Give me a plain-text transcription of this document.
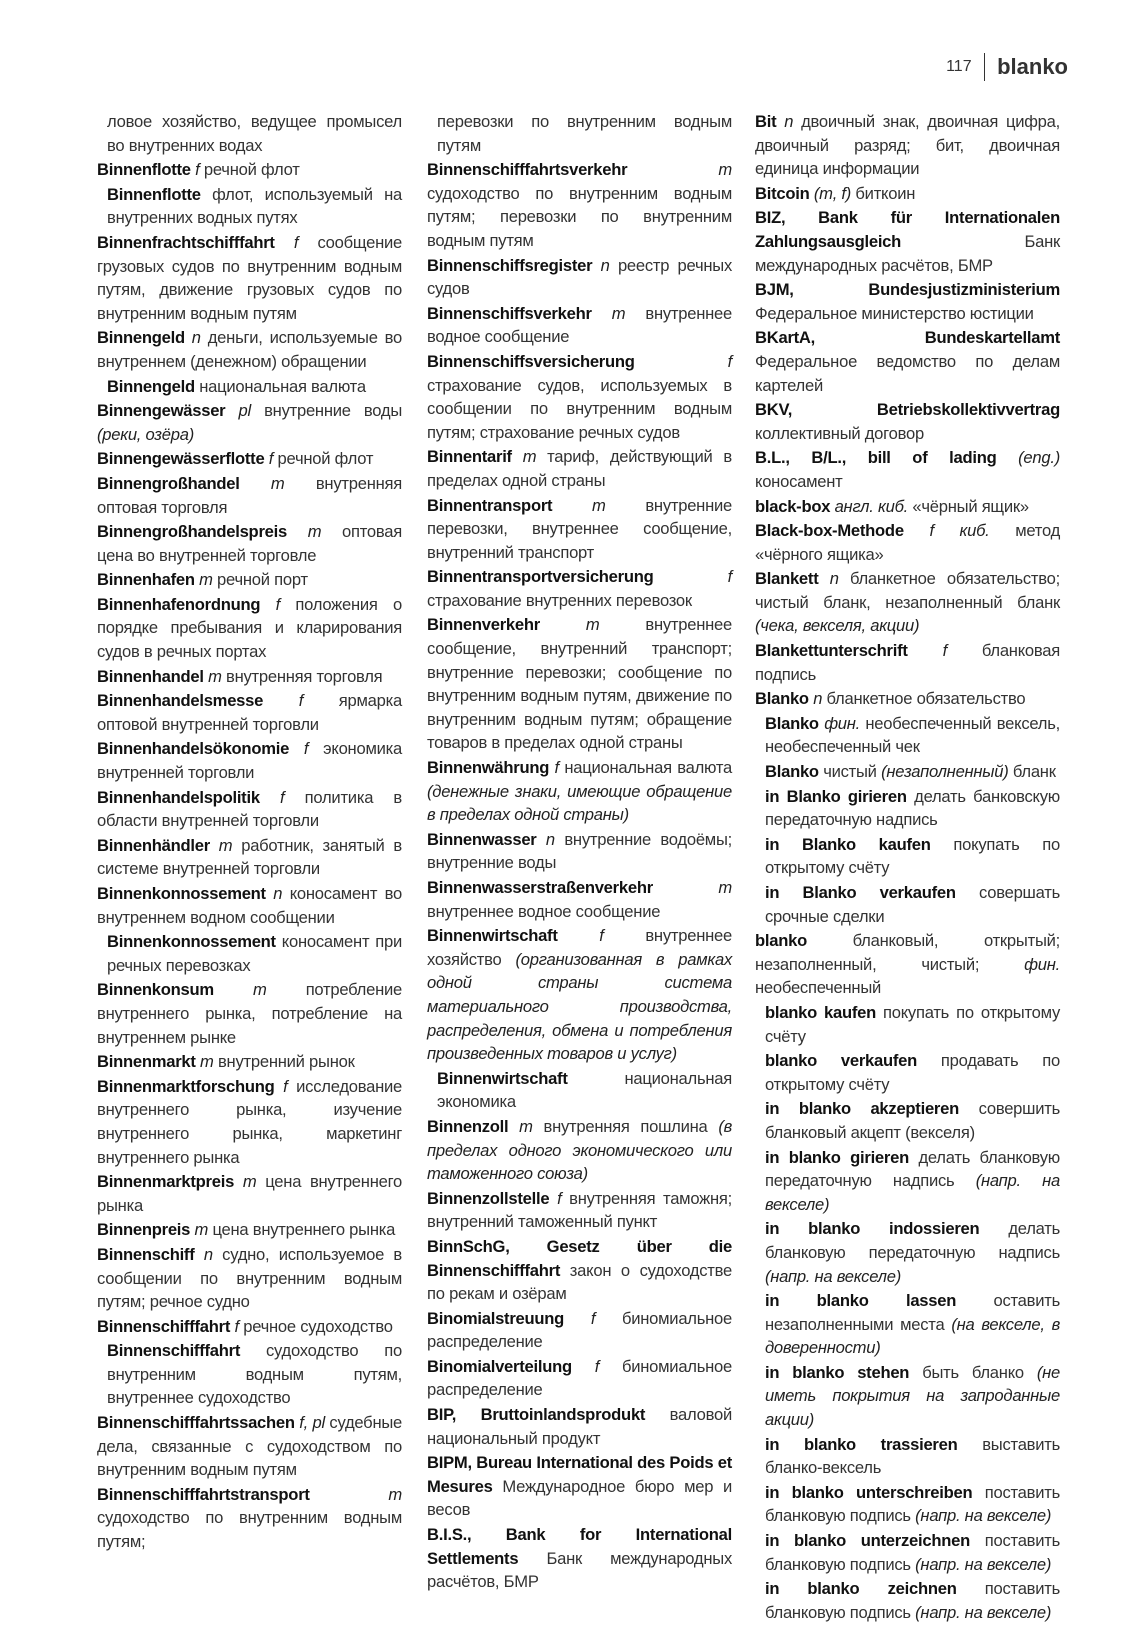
117	blanko

ловое хозяйство, ведущее промысел во внутренних водах

Binnenflotte f речной флот

Binnenflotte флот, используемый на внутренних водных путях

Binnenfrachtschifffahrt f сообщение грузовых судов по внутренним водным путям, движение грузовых судов по внутренним водным путям

Binnengeld n деньги, используемые во внутреннем (денежном) обращении

Binnengeld национальная валюта

Binnengewässer pl внутренние воды (реки, озёра)

Binnengewässerflotte f речной флот

Binnengroßhandel m внутренняя оптовая торговля

Binnengroßhandelspreis m оптовая цена во внутренней торговле

Binnenhafen m речной порт

Binnenhafenordnung f положения о порядке пребывания и кларирования судов в речных портах

Binnenhandel m внутренняя торговля

Binnenhandelsmesse f ярмарка оптовой внутренней торговли

Binnenhandelsökonomie f экономика внутренней торговли

Binnenhandelspolitik f политика в области внутренней торговли

Binnenhändler m работник, занятый в системе внутренней торговли

Binnenkonnossement n коносамент во внутреннем водном сообщении

Binnenkonnossement коносамент при речных перевозках

Binnenkonsum m потребление внутреннего рынка, потребление на внутреннем рынке

Binnenmarkt m внутренний рынок

Binnenmarktforschung f исследование внутреннего рынка, изучение внутреннего рынка, маркетинг внутреннего рынка

Binnenmarktpreis m цена внутреннего рынка

Binnenpreis m цена внутреннего рынка

Binnenschiff n судно, используемое в сообщении по внутренним водным путям; речное судно

Binnenschifffahrt f речное судоходство

Binnenschifffahrt судоходство по внутренним водным путям, внутреннее судоходство

Binnenschifffahrtssachen f, pl судебные дела, связанные с судоходством по внутренним водным путям

Binnenschifffahrtstransport m судоходство по внутренним водным путям;

перевозки по внутренним водным путям

Binnenschifffahrtsverkehr m судоходство по внутренним водным путям; перевозки по внутренним водным путям

Binnenschiffsregister n реестр речных судов

Binnenschiffsverkehr m внутреннее водное сообщение

Binnenschiffsversicherung f страхование судов, используемых в сообщении по внутренним водным путям; страхование речных судов

Binnentarif m тариф, действующий в пределах одной страны

Binnentransport m внутренние перевозки, внутреннее сообщение, внутренний транспорт

Binnentransportversicherung f страхование внутренних перевозок

Binnenverkehr m внутреннее сообщение, внутренний транспорт; внутренние перевозки; сообщение по внутренним водным путям, движение по внутренним водным путям; обращение товаров в пределах одной страны

Binnenwährung f национальная валюта (денежные знаки, имеющие обращение в пределах одной страны)

Binnenwasser n внутренние водоёмы; внутренние воды

Binnenwasserstraßenverkehr m внутреннее водное сообщение

Binnenwirtschaft f внутреннее хозяйство (организованная в рамках одной страны система материального производства, распределения, обмена и потребления произведенных товаров и услуг)

Binnenwirtschaft национальная экономика

Binnenzoll m внутренняя пошлина (в пределах одного экономического или таможенного союза)

Binnenzollstelle f внутренняя таможня; внутренний таможенный пункт

BinnSchG, Gesetz über die Binnenschifffahrt закон о судоходстве по рекам и озёрам

Binomialstreuung f биномиальное распределение

Binomialverteilung f биномиальное распределение

BIP, Bruttoinlandsprodukt валовой национальный продукт

BIPM, Bureau International des Poids et Mesures Международное бюро мер и весов

B.I.S., Bank for International Settlements Банк международных расчётов, БМР

Bit n двоичный знак, двоичная цифра, двоичный разряд; бит, двоичная единица информации

Bitcoin (m, f) биткоин

BIZ, Bank für Internationalen Zahlungsausgleich Банк международных расчётов, БМР

BJM, Bundesjustizministerium Федеральное министерство юстиции

BKartA, Bundeskartellamt Федеральное ведомство по делам картелей

BKV, Betriebskollektivvertrag коллективный договор

B.L., B/L., bill of lading (eng.) коносамент

black-box англ. киб. «чёрный ящик»

Black-box-Methode f киб. метод «чёрного ящика»

Blankett n бланкетное обязательство; чистый бланк, незаполненный бланк (чека, векселя, акции)

Blankettunterschrift f бланковая подпись

Blanko n бланкетное обязательство

Blanko фин. необеспеченный вексель, необеспеченный чек

Blanko чистый (незаполненный) бланк

in Blanko girieren делать банковскую передаточную надпись

in Blanko kaufen покупать по открытому счёту

in Blanko verkaufen совершать срочные сделки

blanko бланковый, открытый; незаполненный, чистый; фин. необеспеченный

blanko kaufen покупать по открытому счёту

blanko verkaufen продавать по открытому счёту

in blanko akzeptieren совершить бланковый акцепт (векселя)

in blanko girieren делать бланковую передаточную надпись (напр. на векселе)

in blanko indossieren делать бланковую передаточную надпись (напр. на векселе)

in blanko lassen оставить незаполненными места (на векселе, в доверенности)

in blanko stehen быть бланко (не иметь покрытия на запроданные акции)

in blanko trassieren выставить бланко-вексель

in blanko unterschreiben поставить бланковую подпись (напр. на векселе)

in blanko unterzeichnen поставить бланковую подпись (напр. на векселе)

in blanko zeichnen поставить бланковую подпись (напр. на векселе)
